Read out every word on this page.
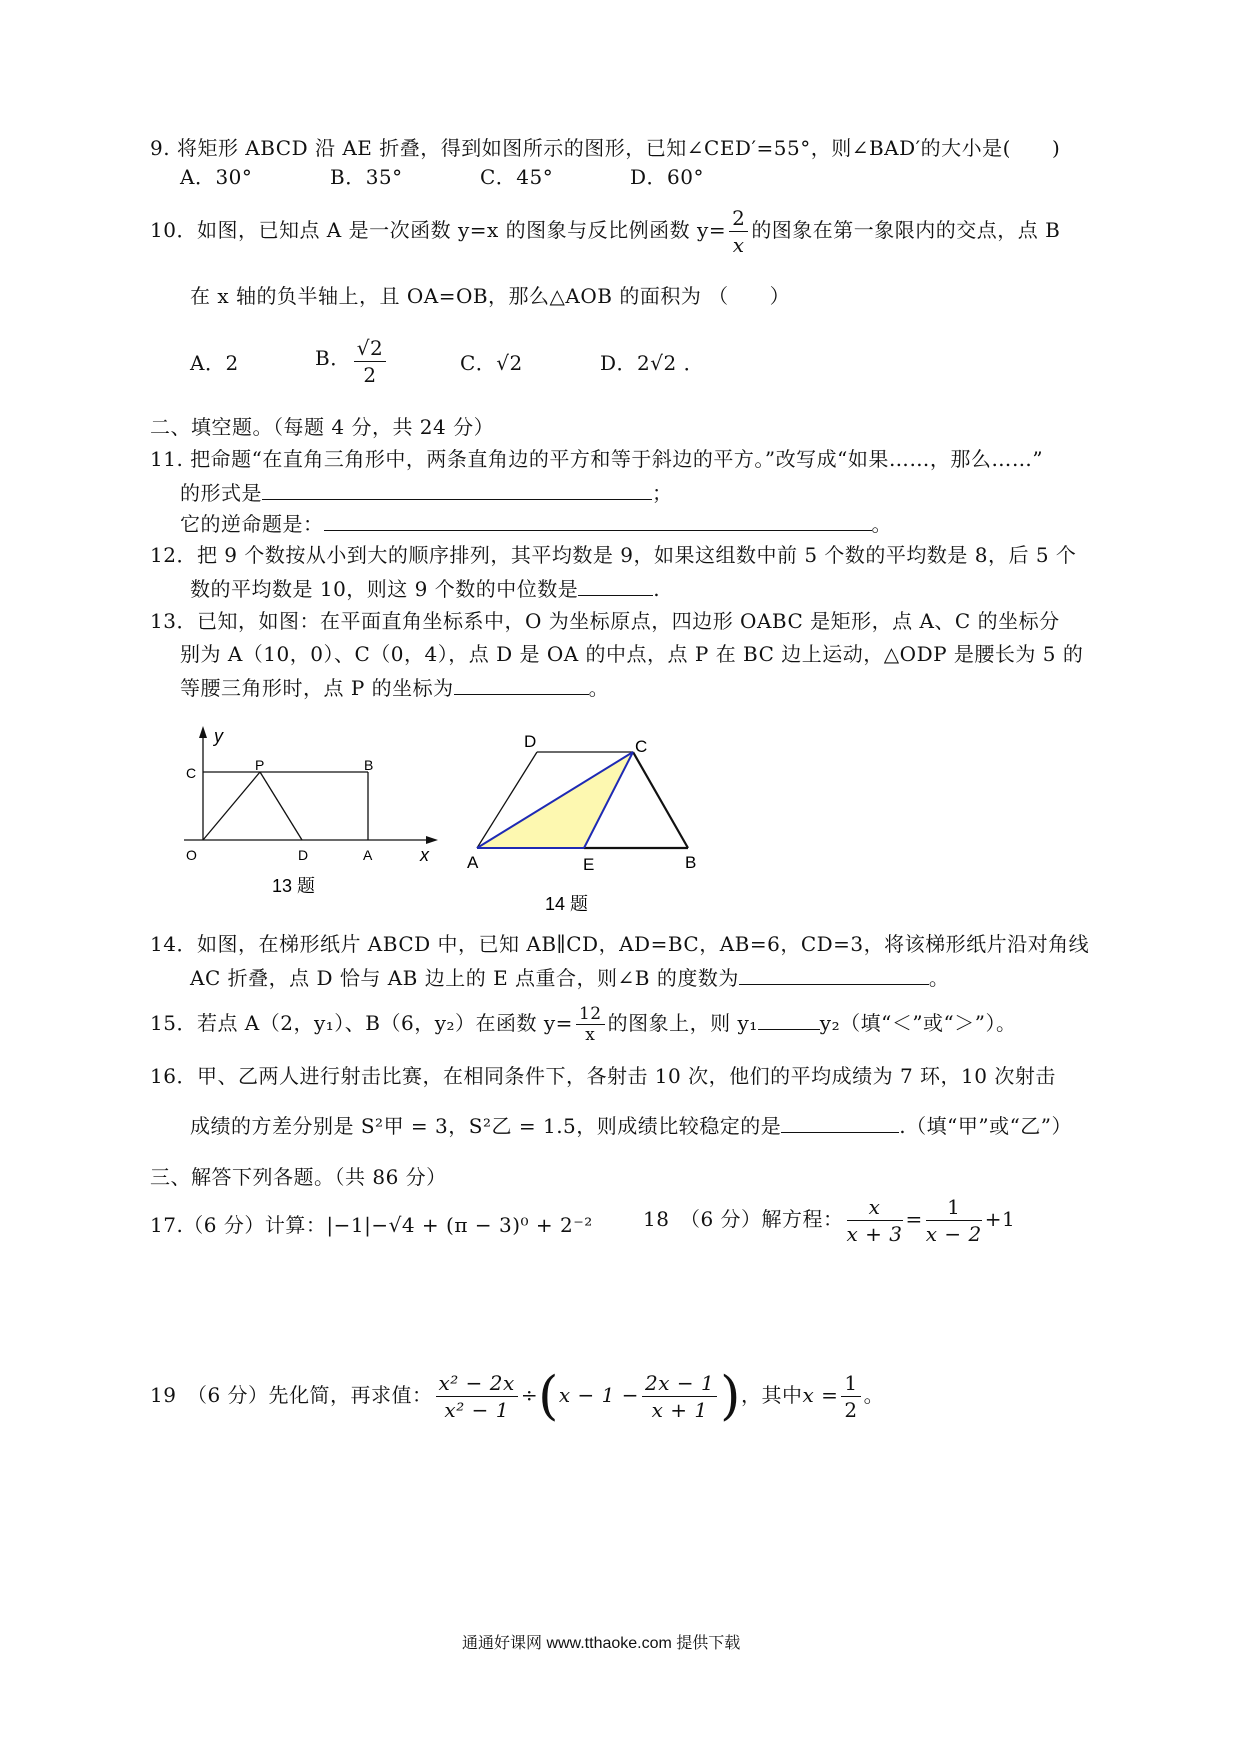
9. 将矩形 ABCD 沿 AE 折叠，得到如图所示的图形，已知∠CED′=55°，则∠BAD′的大小是(　　)
A．30°	B．35°	C．45°	D．60°
10．如图，已知点 A 是一次函数 y=x 的图象与反比例函数 $y= \frac{2}{x}$ 的图象在第一象限内的交点，点 B
在 x 轴的负半轴上，且 OA=OB，那么△AOB 的面积为 （　　）
A．2	B． $\frac{√2}{2}$	C．√2	D．2√2 ．
二、填空题。（每题 4 分，共 24 分）
11. 把命题“在直角三角形中，两条直角边的平方和等于斜边的平方。”改写成“如果……，那么……”
的形式是	；
它的逆命题是：	。
12．把 9 个数按从小到大的顺序排列，其平均数是 9，如果这组数中前 5 个数的平均数是 8，后 5 个
数的平均数是 10，则这 9 个数的中位数是	.
13．已知，如图：在平面直角坐标系中，O 为坐标原点，四边形 OABC 是矩形，点 A、C 的坐标分
别为 A（10，0）、C（0，4），点 D 是 OA 的中点，点 P 在 BC 边上运动，△ODP 是腰长为 5 的
等腰三角形时，点 P 的坐标为	。
y
C	P	B
O	D	A	x
13 题
D	C
A	E	B
14 题
14．如图，在梯形纸片 ABCD 中，已知 AB∥CD，AD=BC，AB=6，CD=3，将该梯形纸片沿对角线
AC 折叠，点 D 恰与 AB 边上的 E 点重合，则∠B 的度数为	。
15．若点 A（2，y₁）、B（6，y₂）在函数 $y= \frac{12}{x}$ 的图象上，则 y₁	y₂（填“＜”或“＞”）。
16．甲、乙两人进行射击比赛，在相同条件下，各射击 10 次，他们的平均成绩为 7 环，10 次射击
成绩的方差分别是 S²甲 = 3，S²乙 = 1.5，则成绩比较稳定的是	.（填“甲”或“乙”）
三、解答下列各题。（共 86 分）
17.（6 分）计算：|−1|−√4 + (π − 3)⁰ + 2⁻²	18　（6 分）解方程： $\frac{x}{x + 3} = \frac{1}{x - 2} +1$
19　（6 分）先化简，再求值： $\frac{\text{x² − 2x}}{\text{x² − 1}} \div(x - 1 - \frac{2x - 1}{x + 1}$ )，其中$x = \frac{1}{2}$ 。
通通好课网 www.tthaoke.com 提供下载
